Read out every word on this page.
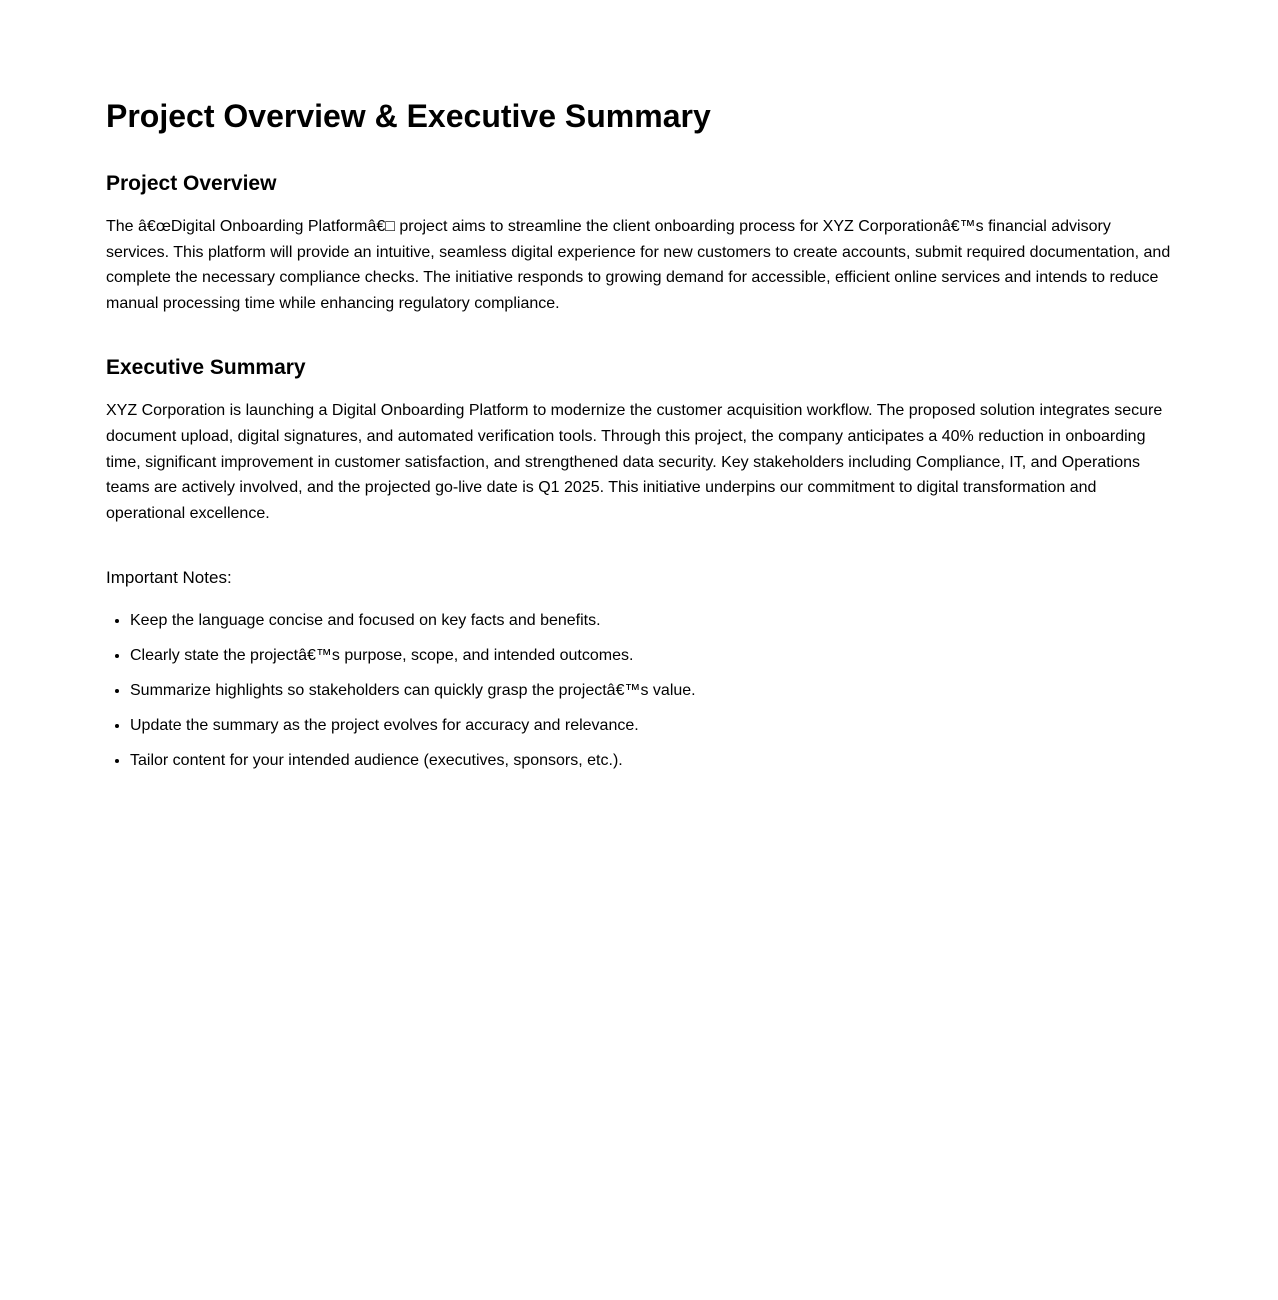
Project Overview & Executive Summary
Project Overview

The â€œDigital Onboarding Platformâ€□ project aims to streamline the client onboarding process for XYZ Corporationâ€™s financial advisory services. This platform will provide an intuitive, seamless digital experience for new customers to create accounts, submit required documentation, and complete the necessary compliance checks. The initiative responds to growing demand for accessible, efficient online services and intends to reduce manual processing time while enhancing regulatory compliance.

Executive Summary

XYZ Corporation is launching a Digital Onboarding Platform to modernize the customer acquisition workflow. The proposed solution integrates secure document upload, digital signatures, and automated verification tools. Through this project, the company anticipates a 40% reduction in onboarding time, significant improvement in customer satisfaction, and strengthened data security. Key stakeholders including Compliance, IT, and Operations teams are actively involved, and the projected go-live date is Q1 2025. This initiative underpins our commitment to digital transformation and operational excellence.

Important Notes:

• Keep the language concise and focused on key facts and benefits.
• Clearly state the projectâ€™s purpose, scope, and intended outcomes.
• Summarize highlights so stakeholders can quickly grasp the projectâ€™s value.
• Update the summary as the project evolves for accuracy and relevance.
• Tailor content for your intended audience (executives, sponsors, etc.).
